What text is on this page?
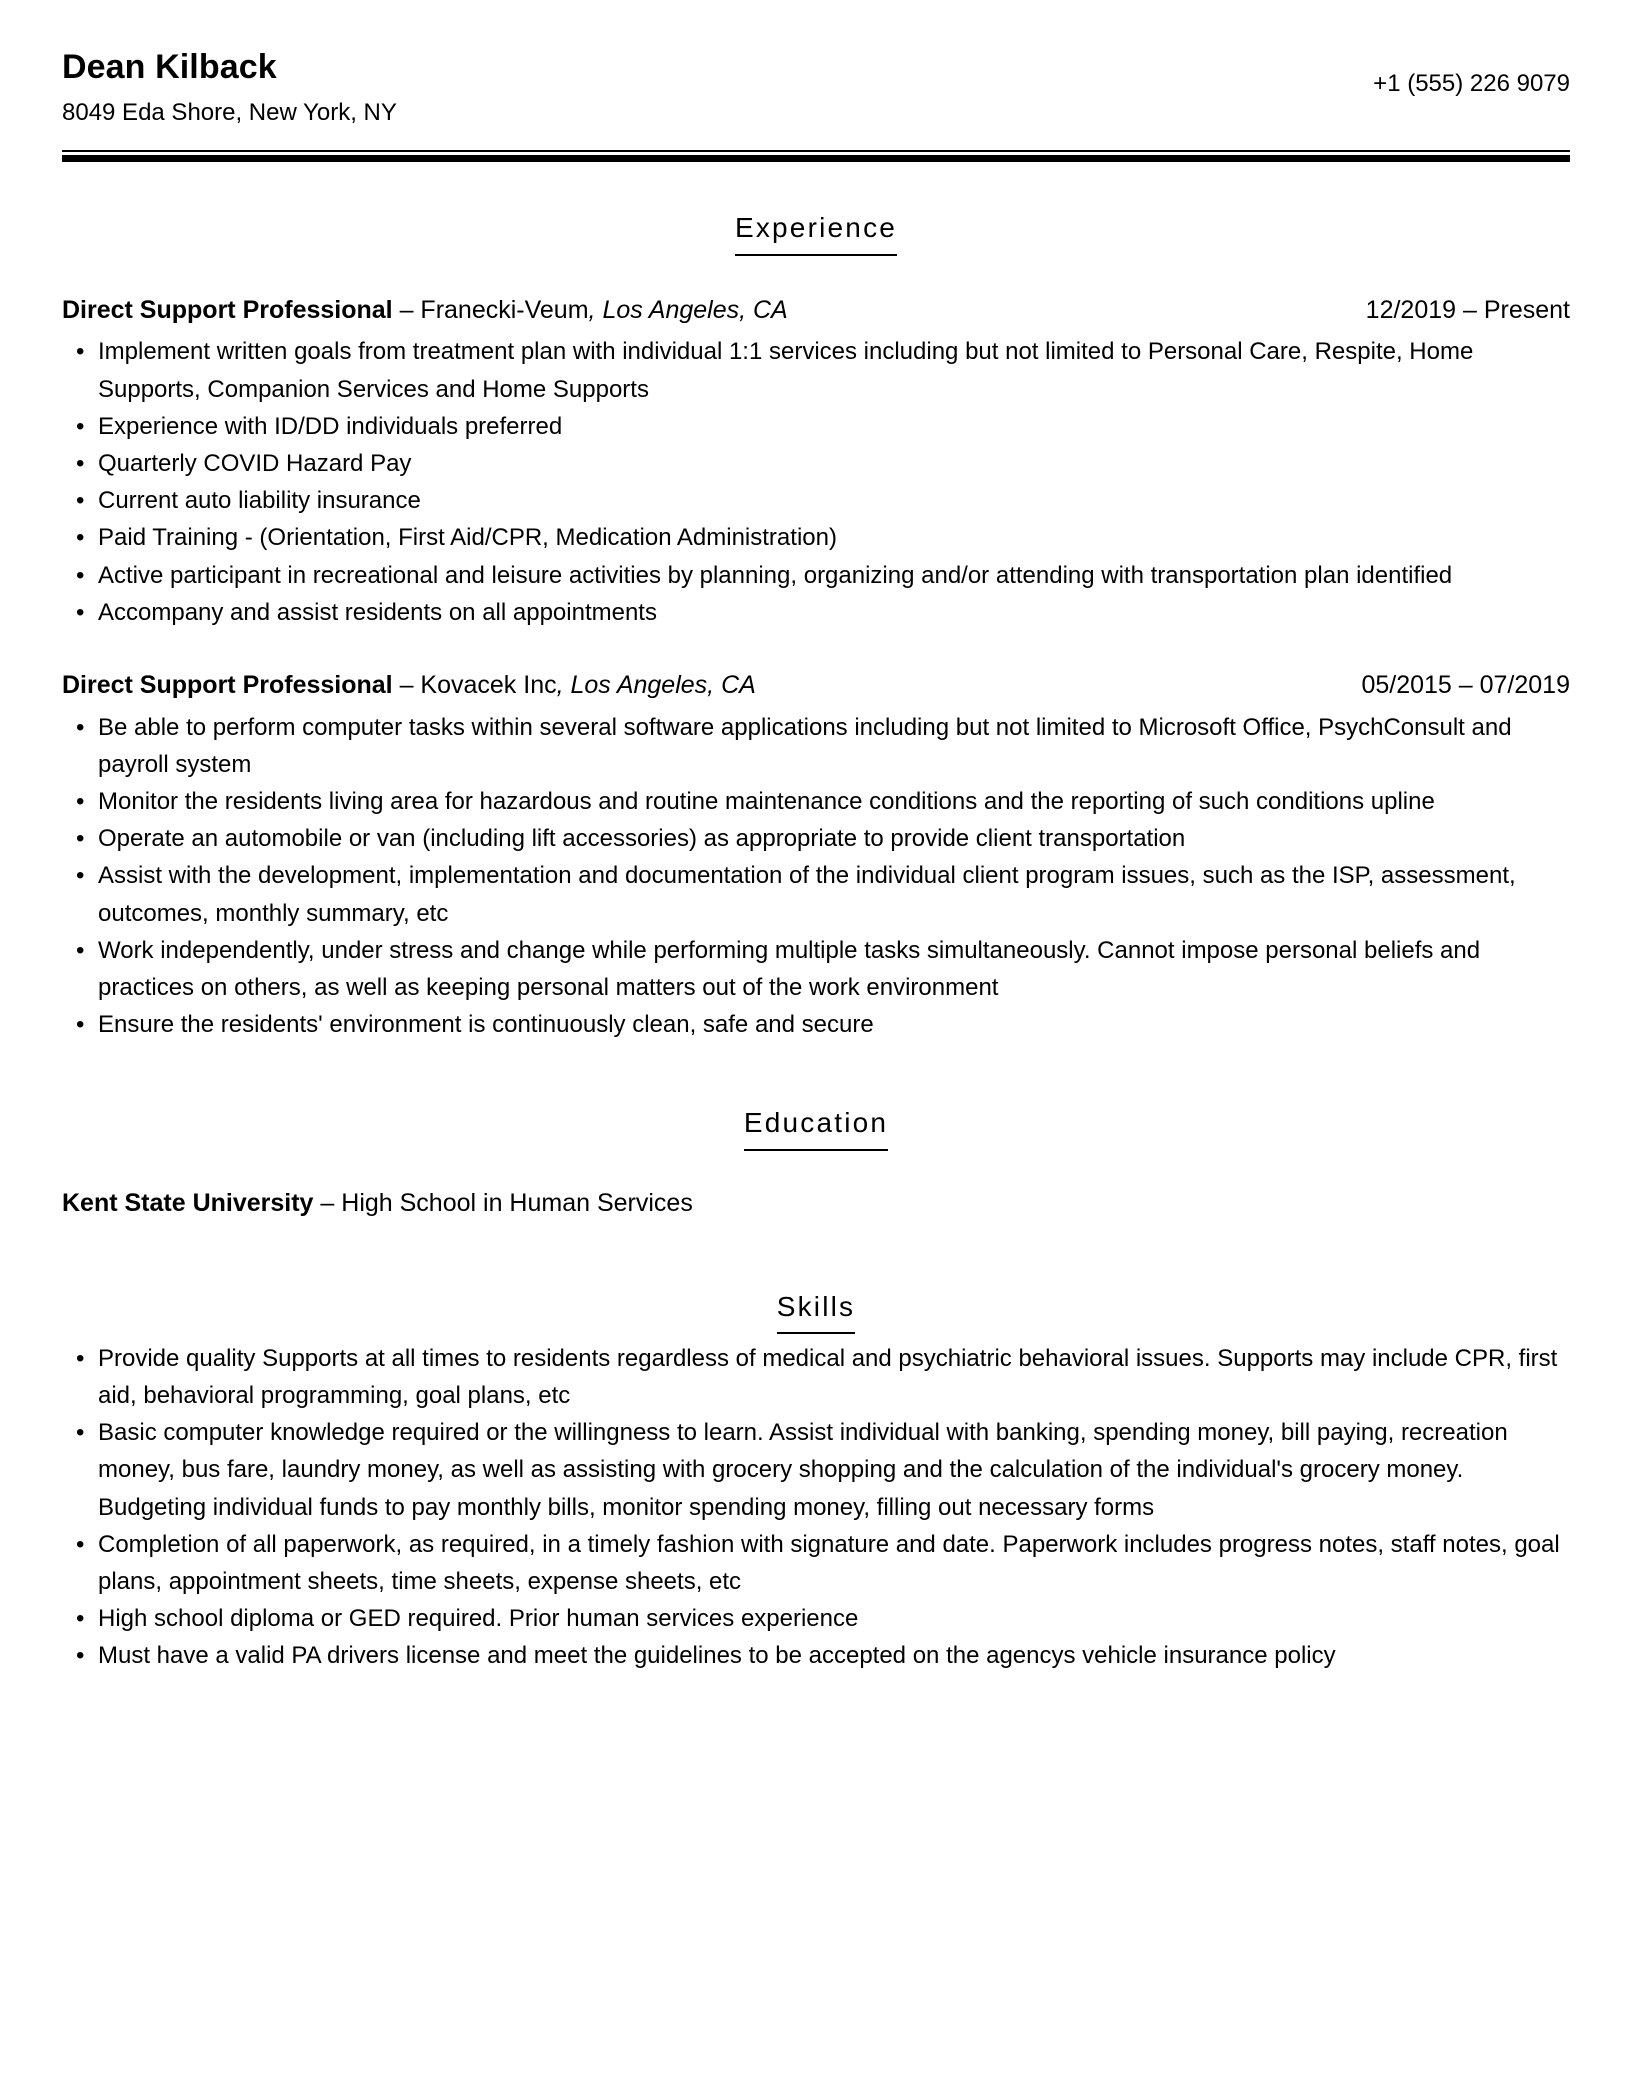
Dean Kilback

8049 Eda Shore, New York, NY

+1 (555) 226 9079
Experience
Direct Support Professional – Franecki-Veum, Los Angeles, CA	12/2019 – Present
• Implement written goals from treatment plan with individual 1:1 services including but not limited to Personal Care, Respite, Home Supports, Companion Services and Home Supports
• Experience with ID/DD individuals preferred
• Quarterly COVID Hazard Pay
• Current auto liability insurance
• Paid Training - (Orientation, First Aid/CPR, Medication Administration)
• Active participant in recreational and leisure activities by planning, organizing and/or attending with transportation plan identified
• Accompany and assist residents on all appointments
Direct Support Professional – Kovacek Inc, Los Angeles, CA	05/2015 – 07/2019
• Be able to perform computer tasks within several software applications including but not limited to Microsoft Office, PsychConsult and payroll system
• Monitor the residents living area for hazardous and routine maintenance conditions and the reporting of such conditions upline
• Operate an automobile or van (including lift accessories) as appropriate to provide client transportation
• Assist with the development, implementation and documentation of the individual client program issues, such as the ISP, assessment, outcomes, monthly summary, etc
• Work independently, under stress and change while performing multiple tasks simultaneously. Cannot impose personal beliefs and practices on others, as well as keeping personal matters out of the work environment
• Ensure the residents' environment is continuously clean, safe and secure
Education
Kent State University – High School in Human Services
Skills
• Provide quality Supports at all times to residents regardless of medical and psychiatric behavioral issues. Supports may include CPR, first aid, behavioral programming, goal plans, etc
• Basic computer knowledge required or the willingness to learn. Assist individual with banking, spending money, bill paying, recreation money, bus fare, laundry money, as well as assisting with grocery shopping and the calculation of the individual's grocery money. Budgeting individual funds to pay monthly bills, monitor spending money, filling out necessary forms
• Completion of all paperwork, as required, in a timely fashion with signature and date. Paperwork includes progress notes, staff notes, goal plans, appointment sheets, time sheets, expense sheets, etc
• High school diploma or GED required. Prior human services experience
• Must have a valid PA drivers license and meet the guidelines to be accepted on the agencys vehicle insurance policy
